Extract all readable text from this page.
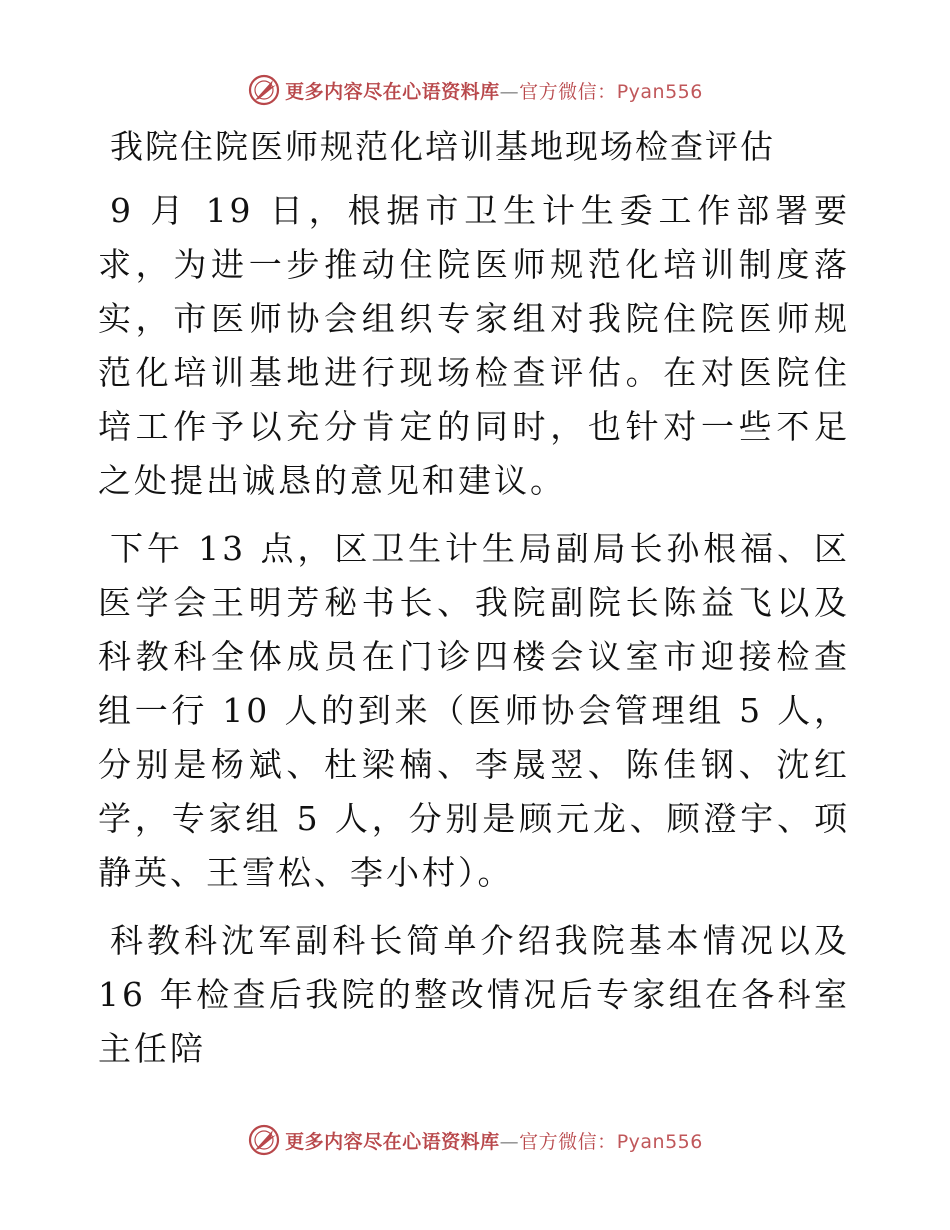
更多内容尽在心语资料库—官方微信：Pyan556
我院住院医师规范化培训基地现场检查评估

9 月 19 日，根据市卫生计生委工作部署要求，为进一步推动住院医师规范化培训制度落实，市医师协会组织专家组对我院住院医师规范化培训基地进行现场检查评估。在对医院住培工作予以充分肯定的同时，也针对一些不足之处提出诚恳的意见和建议。

下午 13 点，区卫生计生局副局长孙根福、区医学会王明芳秘书长、我院副院长陈益飞以及科教科全体成员在门诊四楼会议室市迎接检查组一行 10 人的到来（医师协会管理组 5 人，分别是杨斌、杜梁楠、李晟翌、陈佳钢、沈红学，专家组 5 人，分别是顾元龙、顾澄宇、项静英、王雪松、李小村）。

科教科沈军副科长简单介绍我院基本情况以及 16 年检查后我院的整改情况后专家组在各科室主任陪

更多内容尽在心语资料库—官方微信：Pyan556
